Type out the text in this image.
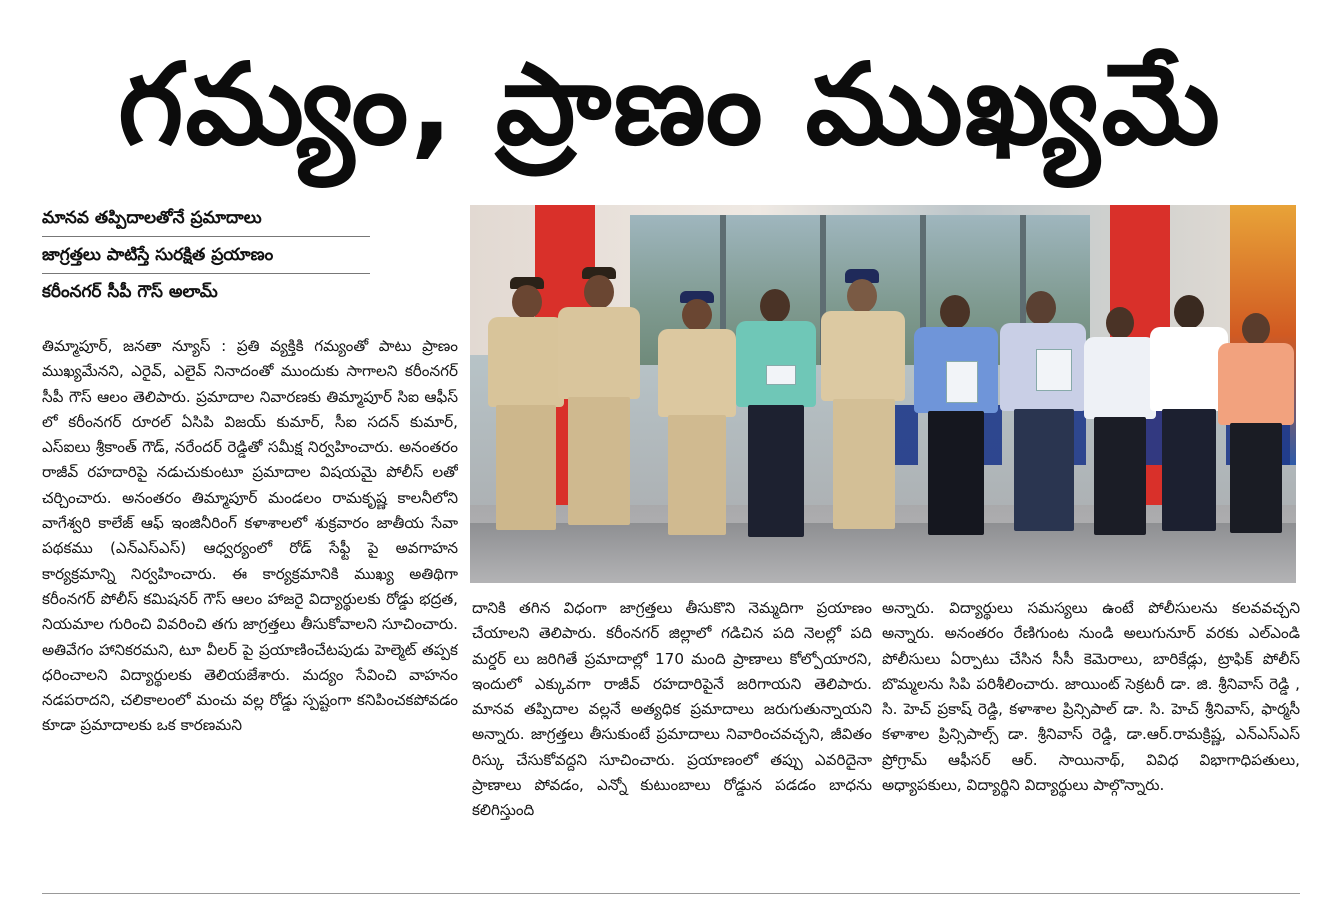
గమ్యం, ప్రాణం ముఖ్యమే
మానవ తప్పిదాలతోనే ప్రమాదాలు
జాగ్రత్తలు పాటిస్తే సురక్షిత ప్రయాణం
కరీంనగర్ సీపీ గౌస్ అలామ్
తిమ్మాపూర్, జనతా న్యూస్ : ప్రతి వ్యక్తికి గమ్యంతో పాటు ప్రాణం ముఖ్యమేనని, ఎరైవ్, ఎలైవ్ నినాదంతో ముందుకు సాగాలని కరీంనగర్ సీపీ గౌస్ ఆలం తెలిపారు. ప్రమాదాల నివారణకు తిమ్మాపూర్ సిఐ ఆఫీస్ లో కరీంనగర్ రూరల్ ఏసిపి విజయ్ కుమార్, సీఐ సదన్ కుమార్, ఎస్ఐలు శ్రీకాంత్ గౌడ్, నరేందర్ రెడ్డితో సమీక్ష నిర్వహించారు. అనంతరం రాజీవ్ రహదారిపై నడుచుకుంటూ ప్రమాదాల విషయమై పోలీస్ లతో చర్చించారు. అనంతరం తిమ్మాపూర్ మండలం రామకృష్ణ కాలనీలోని వాగేశ్వరి కాలేజ్ ఆఫ్ ఇంజినీరింగ్ కళాశాలలో శుక్రవారం జాతీయ సేవా పథకము (ఎన్ఎస్ఎస్) ఆధ్వర్యంలో రోడ్ సేఫ్టీ పై అవగాహన కార్యక్రమాన్ని నిర్వహించారు. ఈ కార్యక్రమానికి ముఖ్య అతిథిగా కరీంనగర్ పోలీస్ కమిషనర్ గౌస్ ఆలం హాజరై విద్యార్థులకు రోడ్డు భద్రత, నియమాల గురించి వివరించి తగు జాగ్రత్తలు తీసుకోవాలని సూచించారు. అతివేగం హానికరమని, టూ వీలర్ పై ప్రయాణించేటపుడు హెల్మెట్ తప్పక ధరించాలని విద్యార్థులకు తెలియజేశారు. మద్యం సేవించి వాహనం నడపరాదని, చలికాలంలో మంచు వల్ల రోడ్డు స్పష్టంగా కనిపించకపోవడం కూడా ప్రమాదాలకు ఒక కారణమని
దానికి తగిన విధంగా జాగ్రత్తలు తీసుకొని నెమ్మదిగా ప్రయాణం చేయాలని తెలిపారు. కరీంనగర్ జిల్లాలో గడిచిన పది నెలల్లో పది మర్డర్ లు జరిగితే ప్రమాదాల్లో 170 మంది ప్రాణాలు కోల్పోయారని, ఇందులో ఎక్కువగా రాజీవ్ రహదారిపైనే జరిగాయని తెలిపారు. మానవ తప్పిదాల వల్లనే అత్యధిక ప్రమాదాలు జరుగుతున్నాయని అన్నారు. జాగ్రత్తలు తీసుకుంటే ప్రమాదాలు నివారించవచ్చని, జీవితం రిస్కు చేసుకోవద్దని సూచించారు. ప్రయాణంలో తప్పు ఎవరిదైనా ప్రాణాలు పోవడం, ఎన్నో కుటుంబాలు రోడ్డున పడడం బాధను కలిగిస్తుంది
అన్నారు. విద్యార్థులు సమస్యలు ఉంటే పోలీసులను కలవవచ్చని అన్నారు. అనంతరం రేణిగుంట నుండి అలుగునూర్ వరకు ఎల్ఎండి పోలీసులు ఏర్పాటు చేసిన సీసీ కెమెరాలు, బారికేడ్లు, ట్రాఫిక్ పోలీస్ బొమ్మలను సిపి పరిశీలించారు. జాయింట్ సెక్రటరీ డా. జి. శ్రీనివాస్ రెడ్డి , సి. హెచ్ ప్రకాష్ రెడ్డి, కళాశాల ప్రిన్సిపాల్ డా. సి. హెచ్ శ్రీనివాస్, ఫార్మసీ కళాశాల ప్రిన్సిపాల్స్ డా. శ్రీనివాస్ రెడ్డి, డా.ఆర్.రామక్రిష్ణ, ఎన్ఎస్ఎస్ ప్రోగ్రామ్ ఆఫీసర్ ఆర్. సాయినాథ్, వివిధ విభాగాధిపతులు, అధ్యాపకులు, విద్యార్థిని విద్యార్థులు పాల్గొన్నారు.
